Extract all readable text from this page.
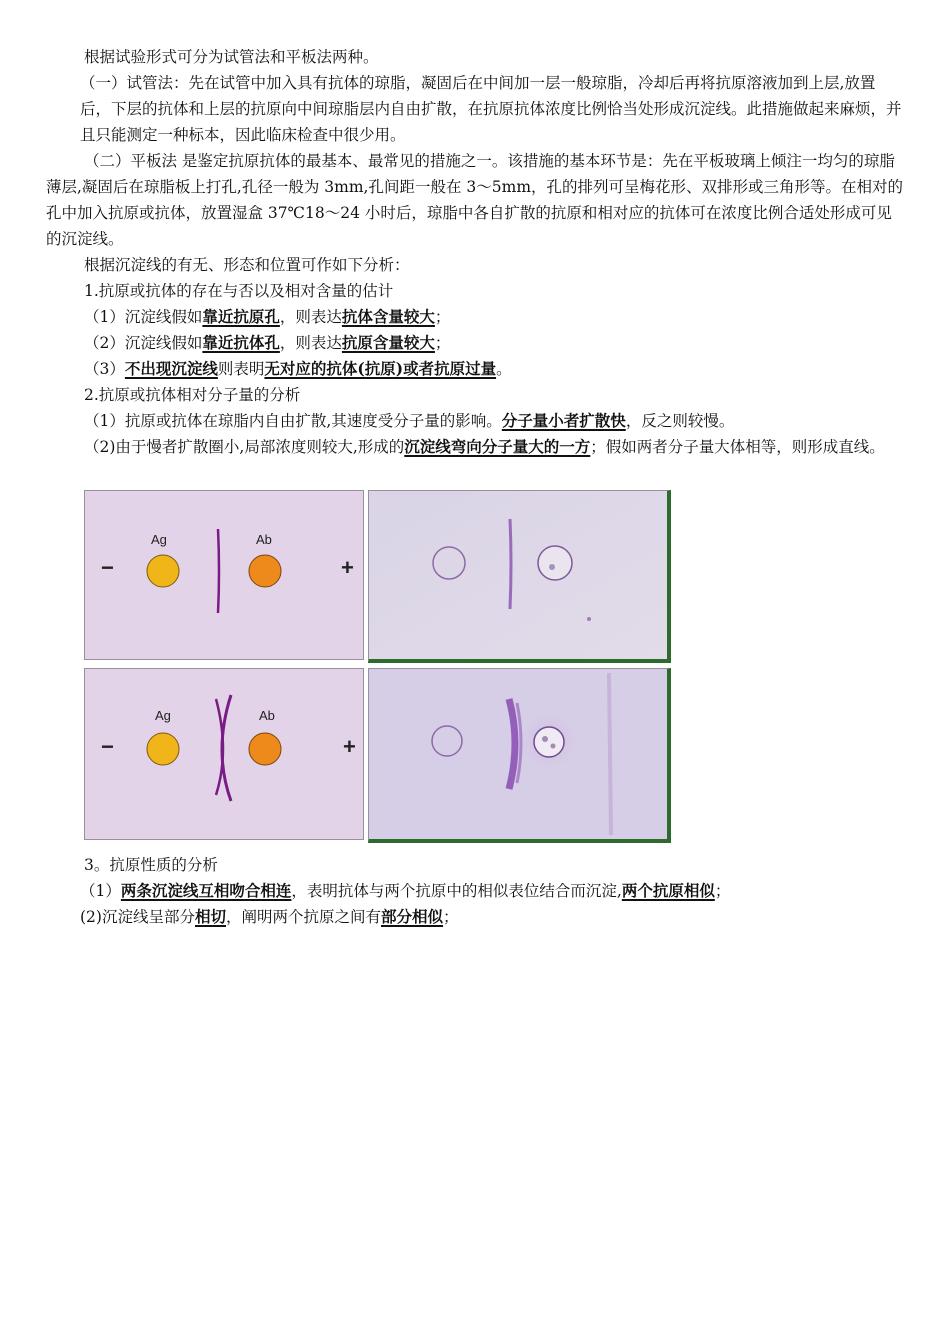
根据试验形式可分为试管法和平板法两种。

（一）试管法：先在试管中加入具有抗体的琼脂，凝固后在中间加一层一般琼脂，冷却后再将抗原溶液加到上层,放置后，下层的抗体和上层的抗原向中间琼脂层内自由扩散，在抗原抗体浓度比例恰当处形成沉淀线。此措施做起来麻烦，并且只能测定一种标本，因此临床检查中很少用。

（二）平板法 是鉴定抗原抗体的最基本、最常见的措施之一。该措施的基本环节是：先在平板玻璃上倾注一均匀的琼脂薄层,凝固后在琼脂板上打孔,孔径一般为 3mm,孔间距一般在 3～5mm，孔的排列可呈梅花形、双排形或三角形等。在相对的孔中加入抗原或抗体，放置湿盒 37℃18～24 小时后，琼脂中各自扩散的抗原和相对应的抗体可在浓度比例合适处形成可见的沉淀线。

根据沉淀线的有无、形态和位置可作如下分析：

1.抗原或抗体的存在与否以及相对含量的估计

（1）沉淀线假如靠近抗原孔，则表达抗体含量较大；

（2）沉淀线假如靠近抗体孔，则表达抗原含量较大；

（3）不出现沉淀线则表明无对应的抗体(抗原)或者抗原过量。

2.抗原或抗体相对分子量的分析

（1）抗原或抗体在琼脂内自由扩散,其速度受分子量的影响。分子量小者扩散快，反之则较慢。

（2)由于慢者扩散圈小,局部浓度则较大,形成的沉淀线弯向分子量大的一方；假如两者分子量大体相等，则形成直线。

−
Ag	Ab
+
−
Ag	Ab
+

3。抗原性质的分析

（1）两条沉淀线互相吻合相连，表明抗体与两个抗原中的相似表位结合而沉淀,两个抗原相似；

(2)沉淀线呈部分相切，阐明两个抗原之间有部分相似；
